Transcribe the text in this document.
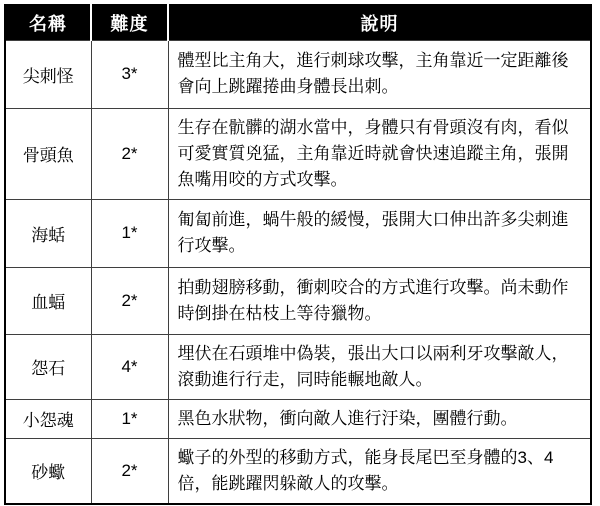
名稱	難度	說明
尖刺怪	3*	體型比主角大，進行刺球攻擊，主角靠近一定距離後會向上跳躍捲曲身體長出刺。
骨頭魚	2*	生存在骯髒的湖水當中，身體只有骨頭沒有肉，看似可愛實質兇猛，主角靠近時就會快速追蹤主角，張開魚嘴用咬的方式攻擊。
海蛞	1*	匍匐前進，蝸牛般的緩慢，張開大口伸出許多尖刺進行攻擊。
血蝠	2*	拍動翅膀移動，衝刺咬合的方式進行攻擊。尚未動作時倒掛在枯枝上等待獵物。
怨石	4*	埋伏在石頭堆中偽裝，張出大口以兩利牙攻擊敵人，滾動進行行走，同時能輾地敵人。
小怨魂	1*	黑色水狀物，衝向敵人進行汙染，團體行動。
砂蠍	2*	蠍子的外型的移動方式，能身長尾巴至身體的3、4倍，能跳躍閃躲敵人的攻擊。
